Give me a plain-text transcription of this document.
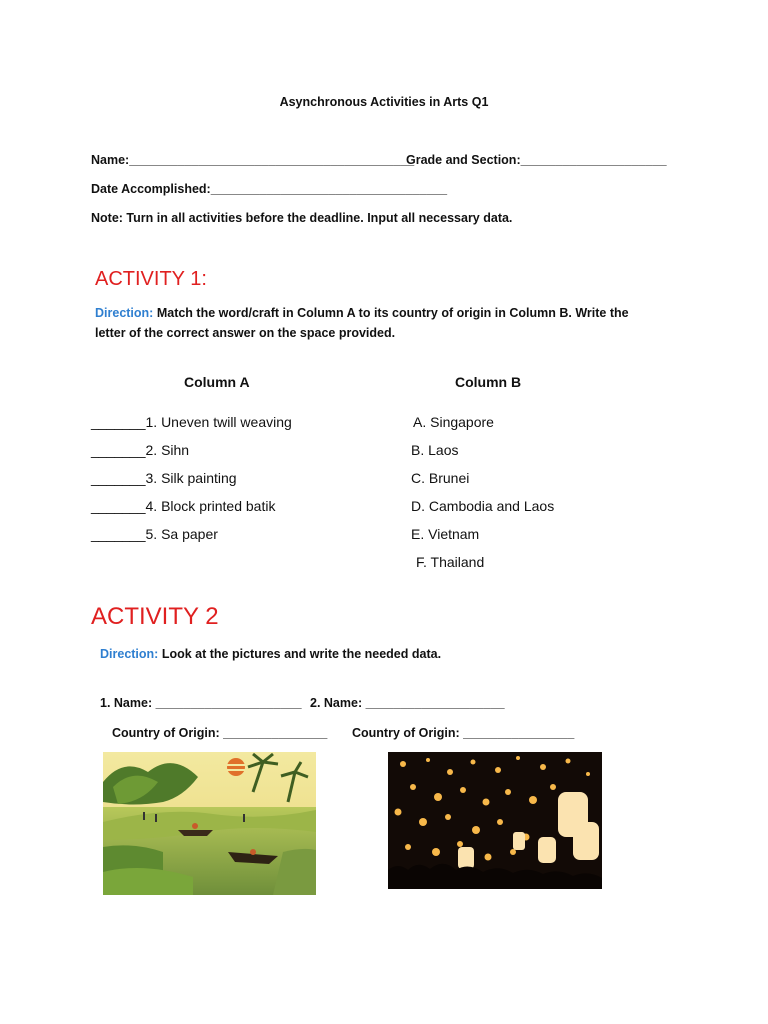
Asynchronous Activities in Arts Q1
Name:_________________________________________
Grade and Section:_____________________
Date Accomplished:__________________________________
Note: Turn in all activities before the deadline. Input all necessary data.
ACTIVITY 1:
Direction: Match the word/craft in Column A to its country of origin in Column B. Write the
letter of the correct answer on the space provided.
Column A	Column B
_______1. Uneven twill weaving
_______2. Sihn
_______3. Silk painting
_______4. Block printed batik
_______5. Sa paper
A. Singapore
B. Laos
C. Brunei
D. Cambodia and Laos
E. Vietnam
F. Thailand
ACTIVITY 2
Direction: Look at the pictures and write the needed data.
1. Name: _____________________ 2. Name: ____________________
Country of Origin: _______________ Country of Origin: ________________
